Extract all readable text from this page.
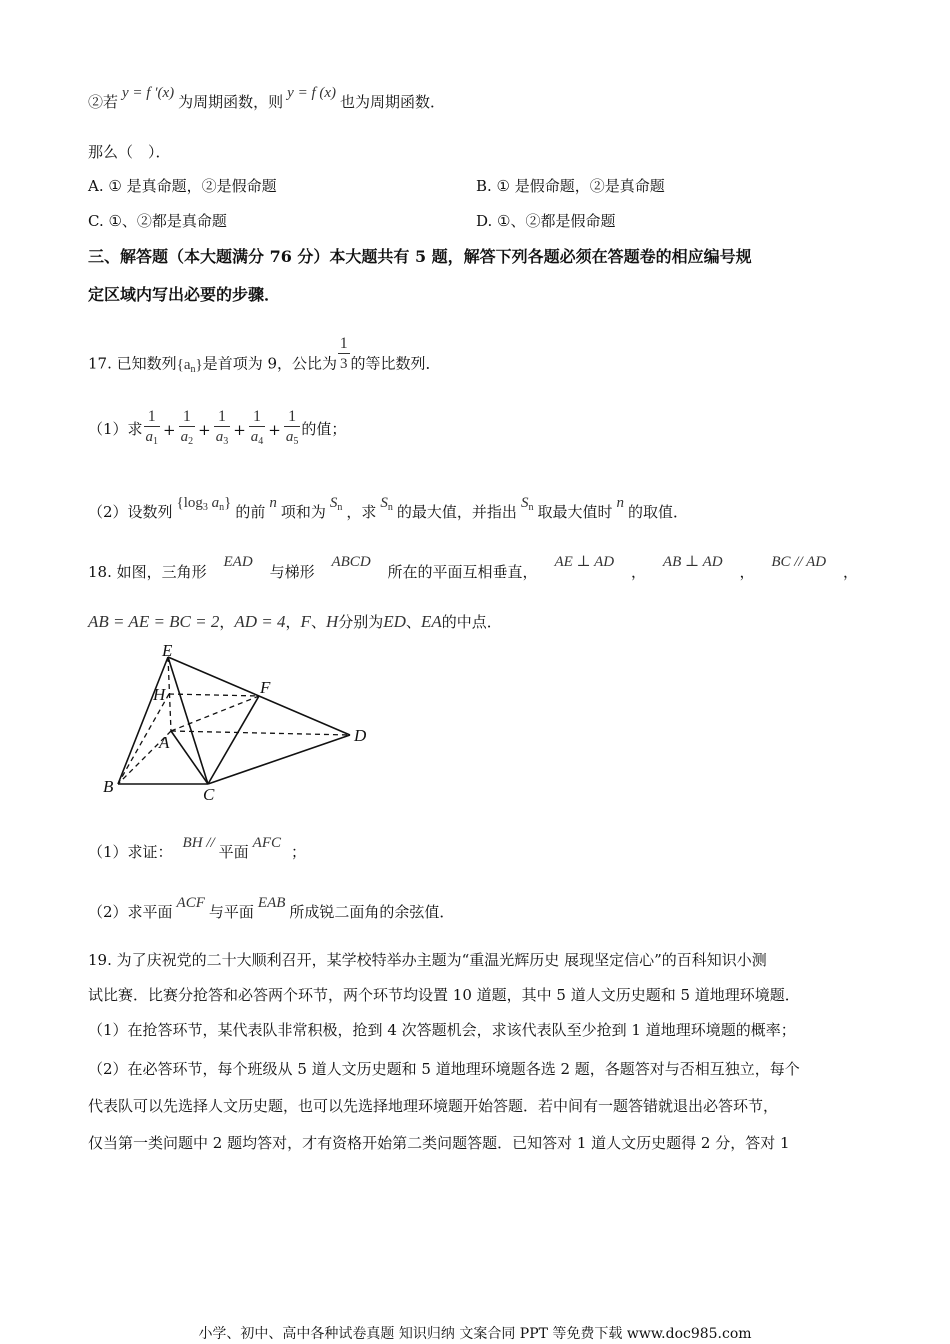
②若 y = f ′(x) 为周期函数，则 y = f (x) 也为周期函数．
那么（　）．
A. ① 是真命题，②是假命题	B. ① 是假命题，②是真命题
C. ①、②都是真命题	D. ①、②都是假命题
三、解答题（本大题满分 76 分）本大题共有 5 题，解答下列各题必须在答题卷的相应编号规
定区域内写出必要的步骤．
17. 已知数列$\{a_n\}$是首项为 9，公比为 $\frac{1}{3}$ 的等比数列．
（1）求 $\frac{1}{a_1} + \frac{1}{a_2} + \frac{1}{a_3} + \frac{1}{a_4} + \frac{1}{a_5}$ 的值；
（2）设数列 {$\log_3$ $a_n$} 的前 n 项和为 $S_n$ ，求 $S_n$ 的最大值，并指出 $S_n$ 取最大值时 n 的取值．
18. 如图，三角形
EAD
与梯形
ABCD
所在的平面互相垂直，
AE ⊥ AD
，
AB ⊥ AD
，
BC // AD
，
AB = AE = BC = 2，AD = 4，F、H分别为ED、EA的中点．
E
H	F
A	D
B	C
（1）求证： BH // 平面 AFC ；
（2）求平面 ACF 与平面 EAB 所成锐二面角的余弦值．
19. 为了庆祝党的二十大顺利召开，某学校特举办主题为“重温光辉历史 展现坚定信心”的百科知识小测
试比赛．比赛分抢答和必答两个环节，两个环节均设置 10 道题，其中 5 道人文历史题和 5 道地理环境题．
（1）在抢答环节，某代表队非常积极，抢到 4 次答题机会，求该代表队至少抢到 1 道地理环境题的概率；
（2）在必答环节，每个班级从 5 道人文历史题和 5 道地理环境题各选 2 题，各题答对与否相互独立，每个
代表队可以先选择人文历史题，也可以先选择地理环境题开始答题．若中间有一题答错就退出必答环节，
仅当第一类问题中 2 题均答对，才有资格开始第二类问题答题．已知答对 1 道人文历史题得 2 分，答对 1
小学、初中、高中各种试卷真题 知识归纳 文案合同 PPT 等免费下载 www.doc985.com
